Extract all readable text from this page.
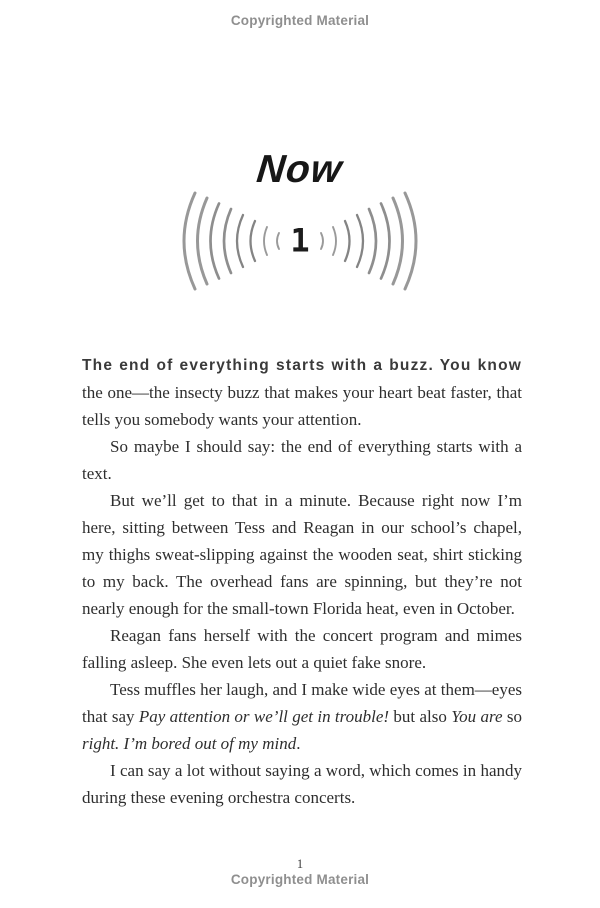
Copyrighted Material
Now
1

The end of everything starts with a buzz. You know the one—the insecty buzz that makes your heart beat faster, that tells you somebody wants your attention.

So maybe I should say: the end of everything starts with a text.

But we’ll get to that in a minute. Because right now I’m here, sitting between Tess and Reagan in our school’s chapel, my thighs sweat-slipping against the wooden seat, shirt sticking to my back. The overhead fans are spinning, but they’re not nearly enough for the small-town Florida heat, even in October.

Reagan fans herself with the concert program and mimes falling asleep. She even lets out a quiet fake snore.

Tess muffles her laugh, and I make wide eyes at them—eyes that say Pay attention or we’ll get in trouble! but also You are so right. I’m bored out of my mind.

I can say a lot without saying a word, which comes in handy during these evening orchestra concerts.

1
Copyrighted Material
